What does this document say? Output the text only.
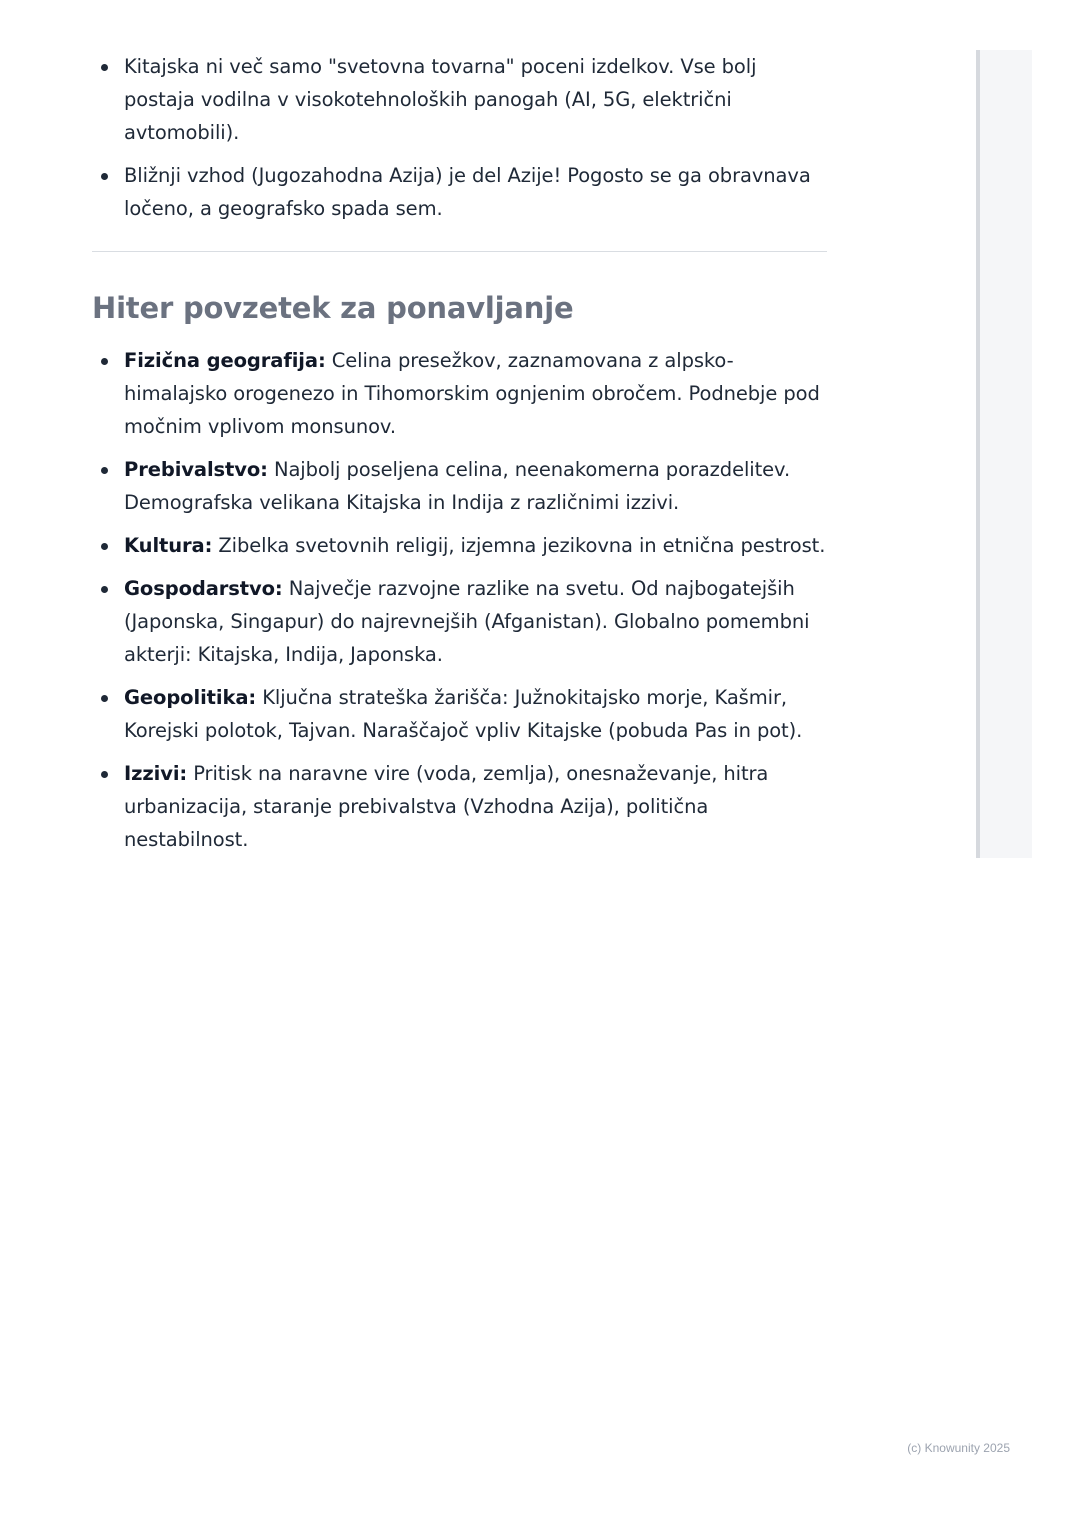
Kitajska ni več samo "svetovna tovarna" poceni izdelkov. Vse bolj postaja vodilna v visokotehnoloških panogah (AI, 5G, električni avtomobili).
Bližnji vzhod (Jugozahodna Azija) je del Azije! Pogosto se ga obravnava ločeno, a geografsko spada sem.
Hiter povzetek za ponavljanje
Fizična geografija: Celina presežkov, zaznamovana z alpsko-himalajsko orogenezo in Tihomorskim ognjenim obročem. Podnebje pod močnim vplivom monsunov.
Prebivalstvo: Najbolj poseljena celina, neenakomerna porazdelitev. Demografska velikana Kitajska in Indija z različnimi izzivi.
Kultura: Zibelka svetovnih religij, izjemna jezikovna in etnična pestrost.
Gospodarstvo: Največje razvojne razlike na svetu. Od najbogatejših (Japonska, Singapur) do najrevnejših (Afganistan). Globalno pomembni akterji: Kitajska, Indija, Japonska.
Geopolitika: Ključna strateška žarišča: Južnokitajsko morje, Kašmir, Korejski polotok, Tajvan. Naraščajoč vpliv Kitajske (pobuda Pas in pot).
Izzivi: Pritisk na naravne vire (voda, zemlja), onesnaževanje, hitra urbanizacija, staranje prebivalstva (Vzhodna Azija), politična nestabilnost.
(c) Knowunity 2025
